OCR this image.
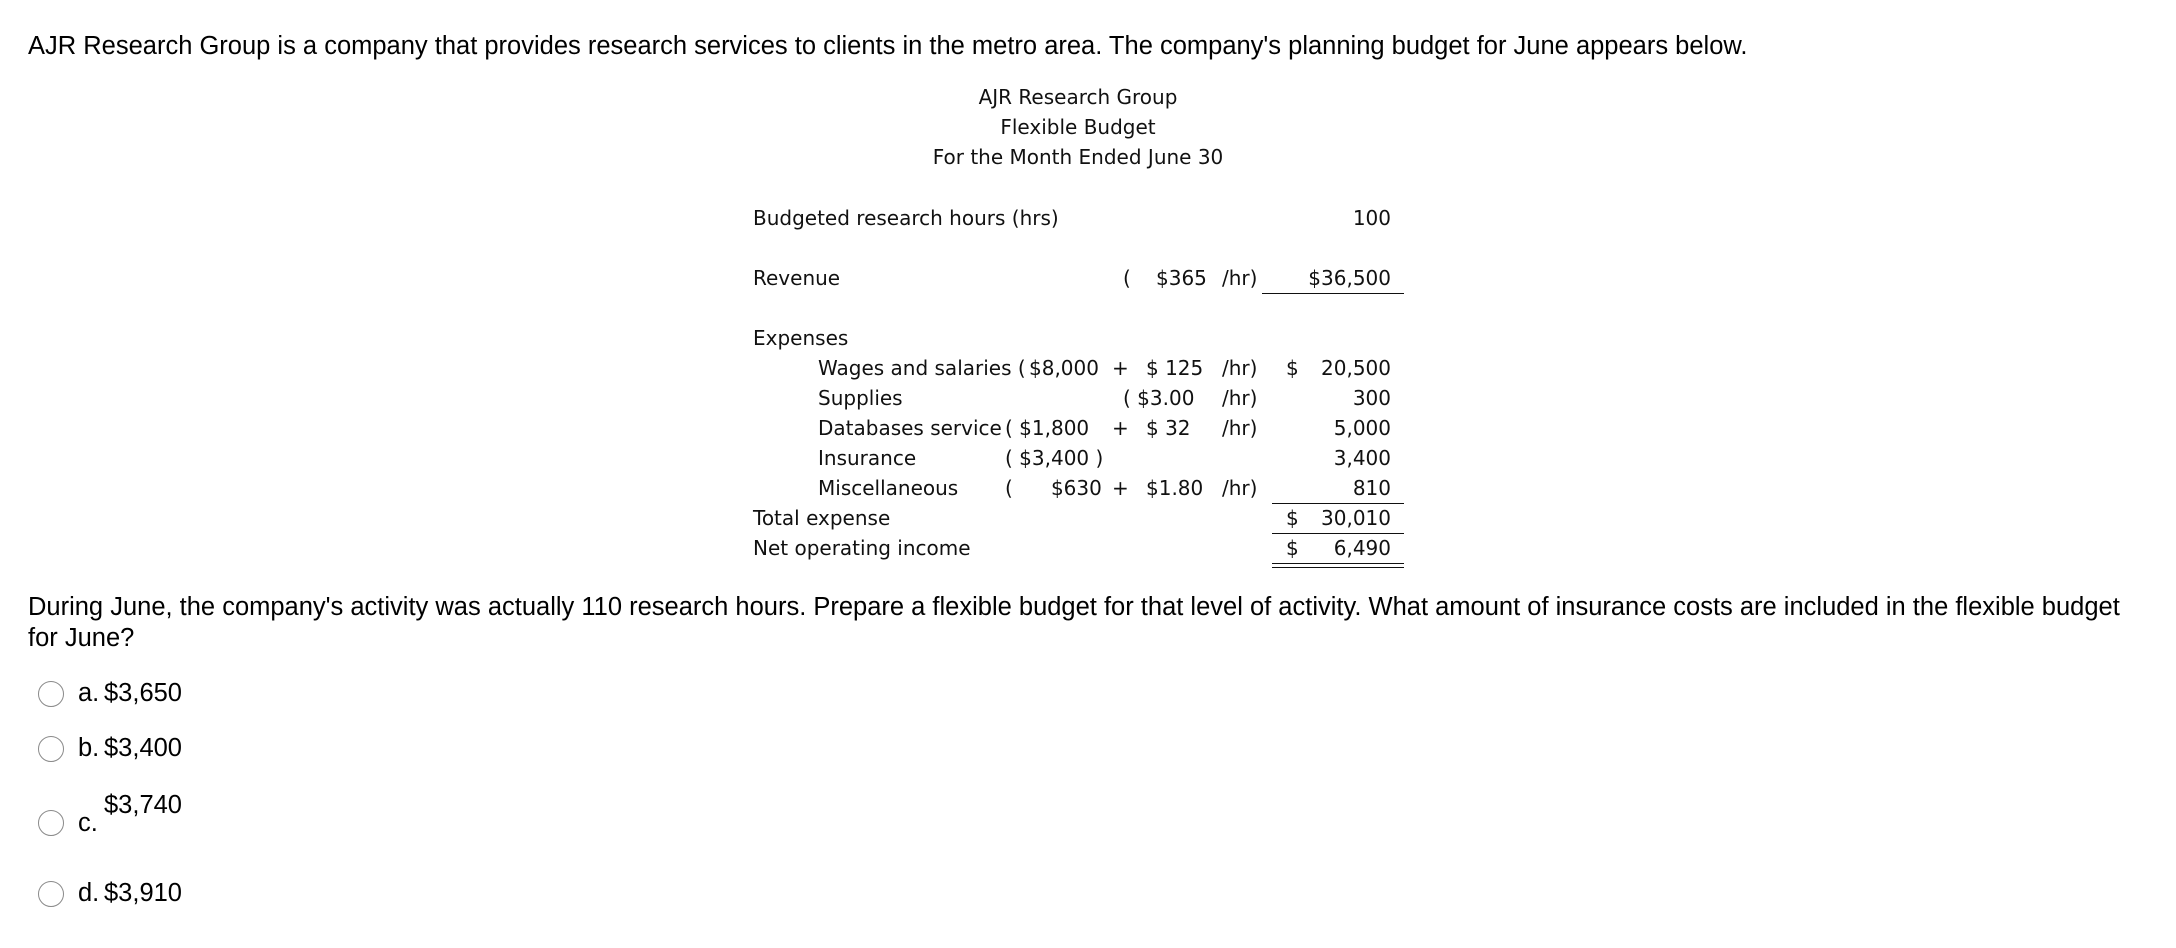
AJR Research Group is a company that provides research services to clients in the metro area. The company's planning budget for June appears below.
AJR Research Group
Flexible Budget
For the Month Ended June 30
Budgeted research hours (hrs)	100
Revenue	( $365 /hr)	$36,500
Expenses
Wages and salaries ( $8,000 + $ 125 /hr) $ 20,500
Supplies	( $3.00 /hr)	300
Databases service ( $1,800 + $ 32 /hr)	5,000
Insurance	( $3,400 )	3,400
Miscellaneous (      $630 + $1.80 /hr)	810
Total expense	$ 30,010
Net operating income	$ 6,490
During June, the company's activity was actually 110 research hours. Prepare a flexible budget for that level of activity. What amount of insurance costs are included in the flexible budget for June?
a. $3,650
b. $3,400
c.
$3,740
d. $3,910
